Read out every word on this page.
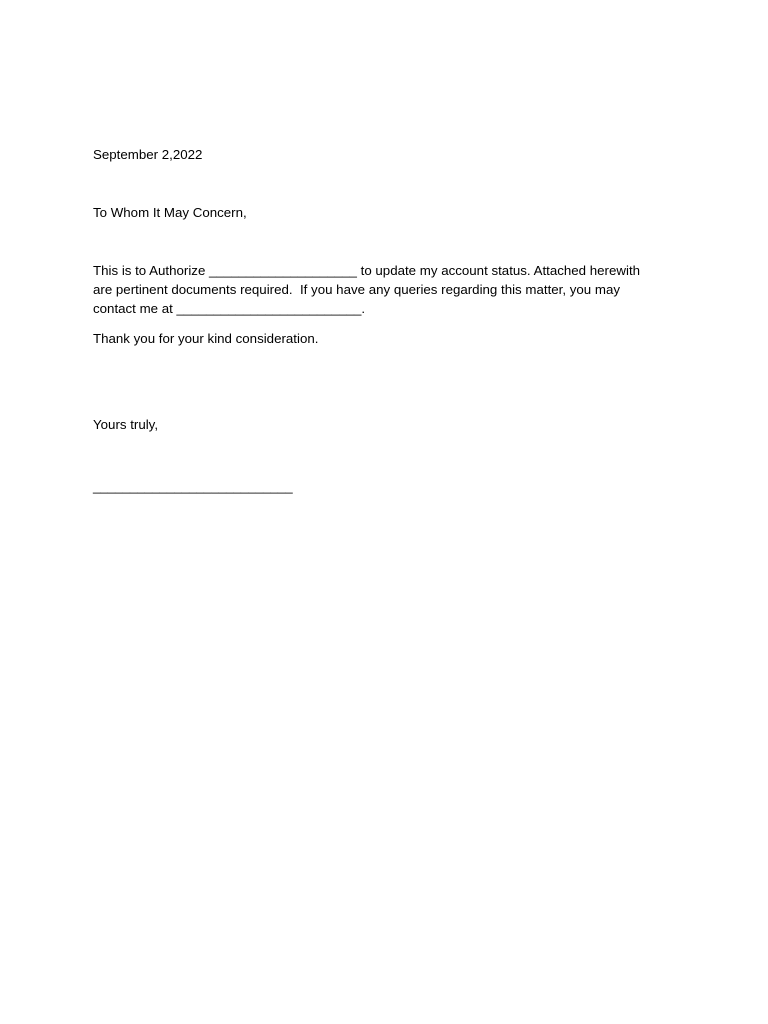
September 2,2022

To Whom It May Concern,

This is to Authorize ____________________ to update my account status. Attached herewith

are pertinent documents required.  If you have any queries regarding this matter, you may

contact me at _________________________.

Thank you for your kind consideration.

Yours truly,

___________________________
